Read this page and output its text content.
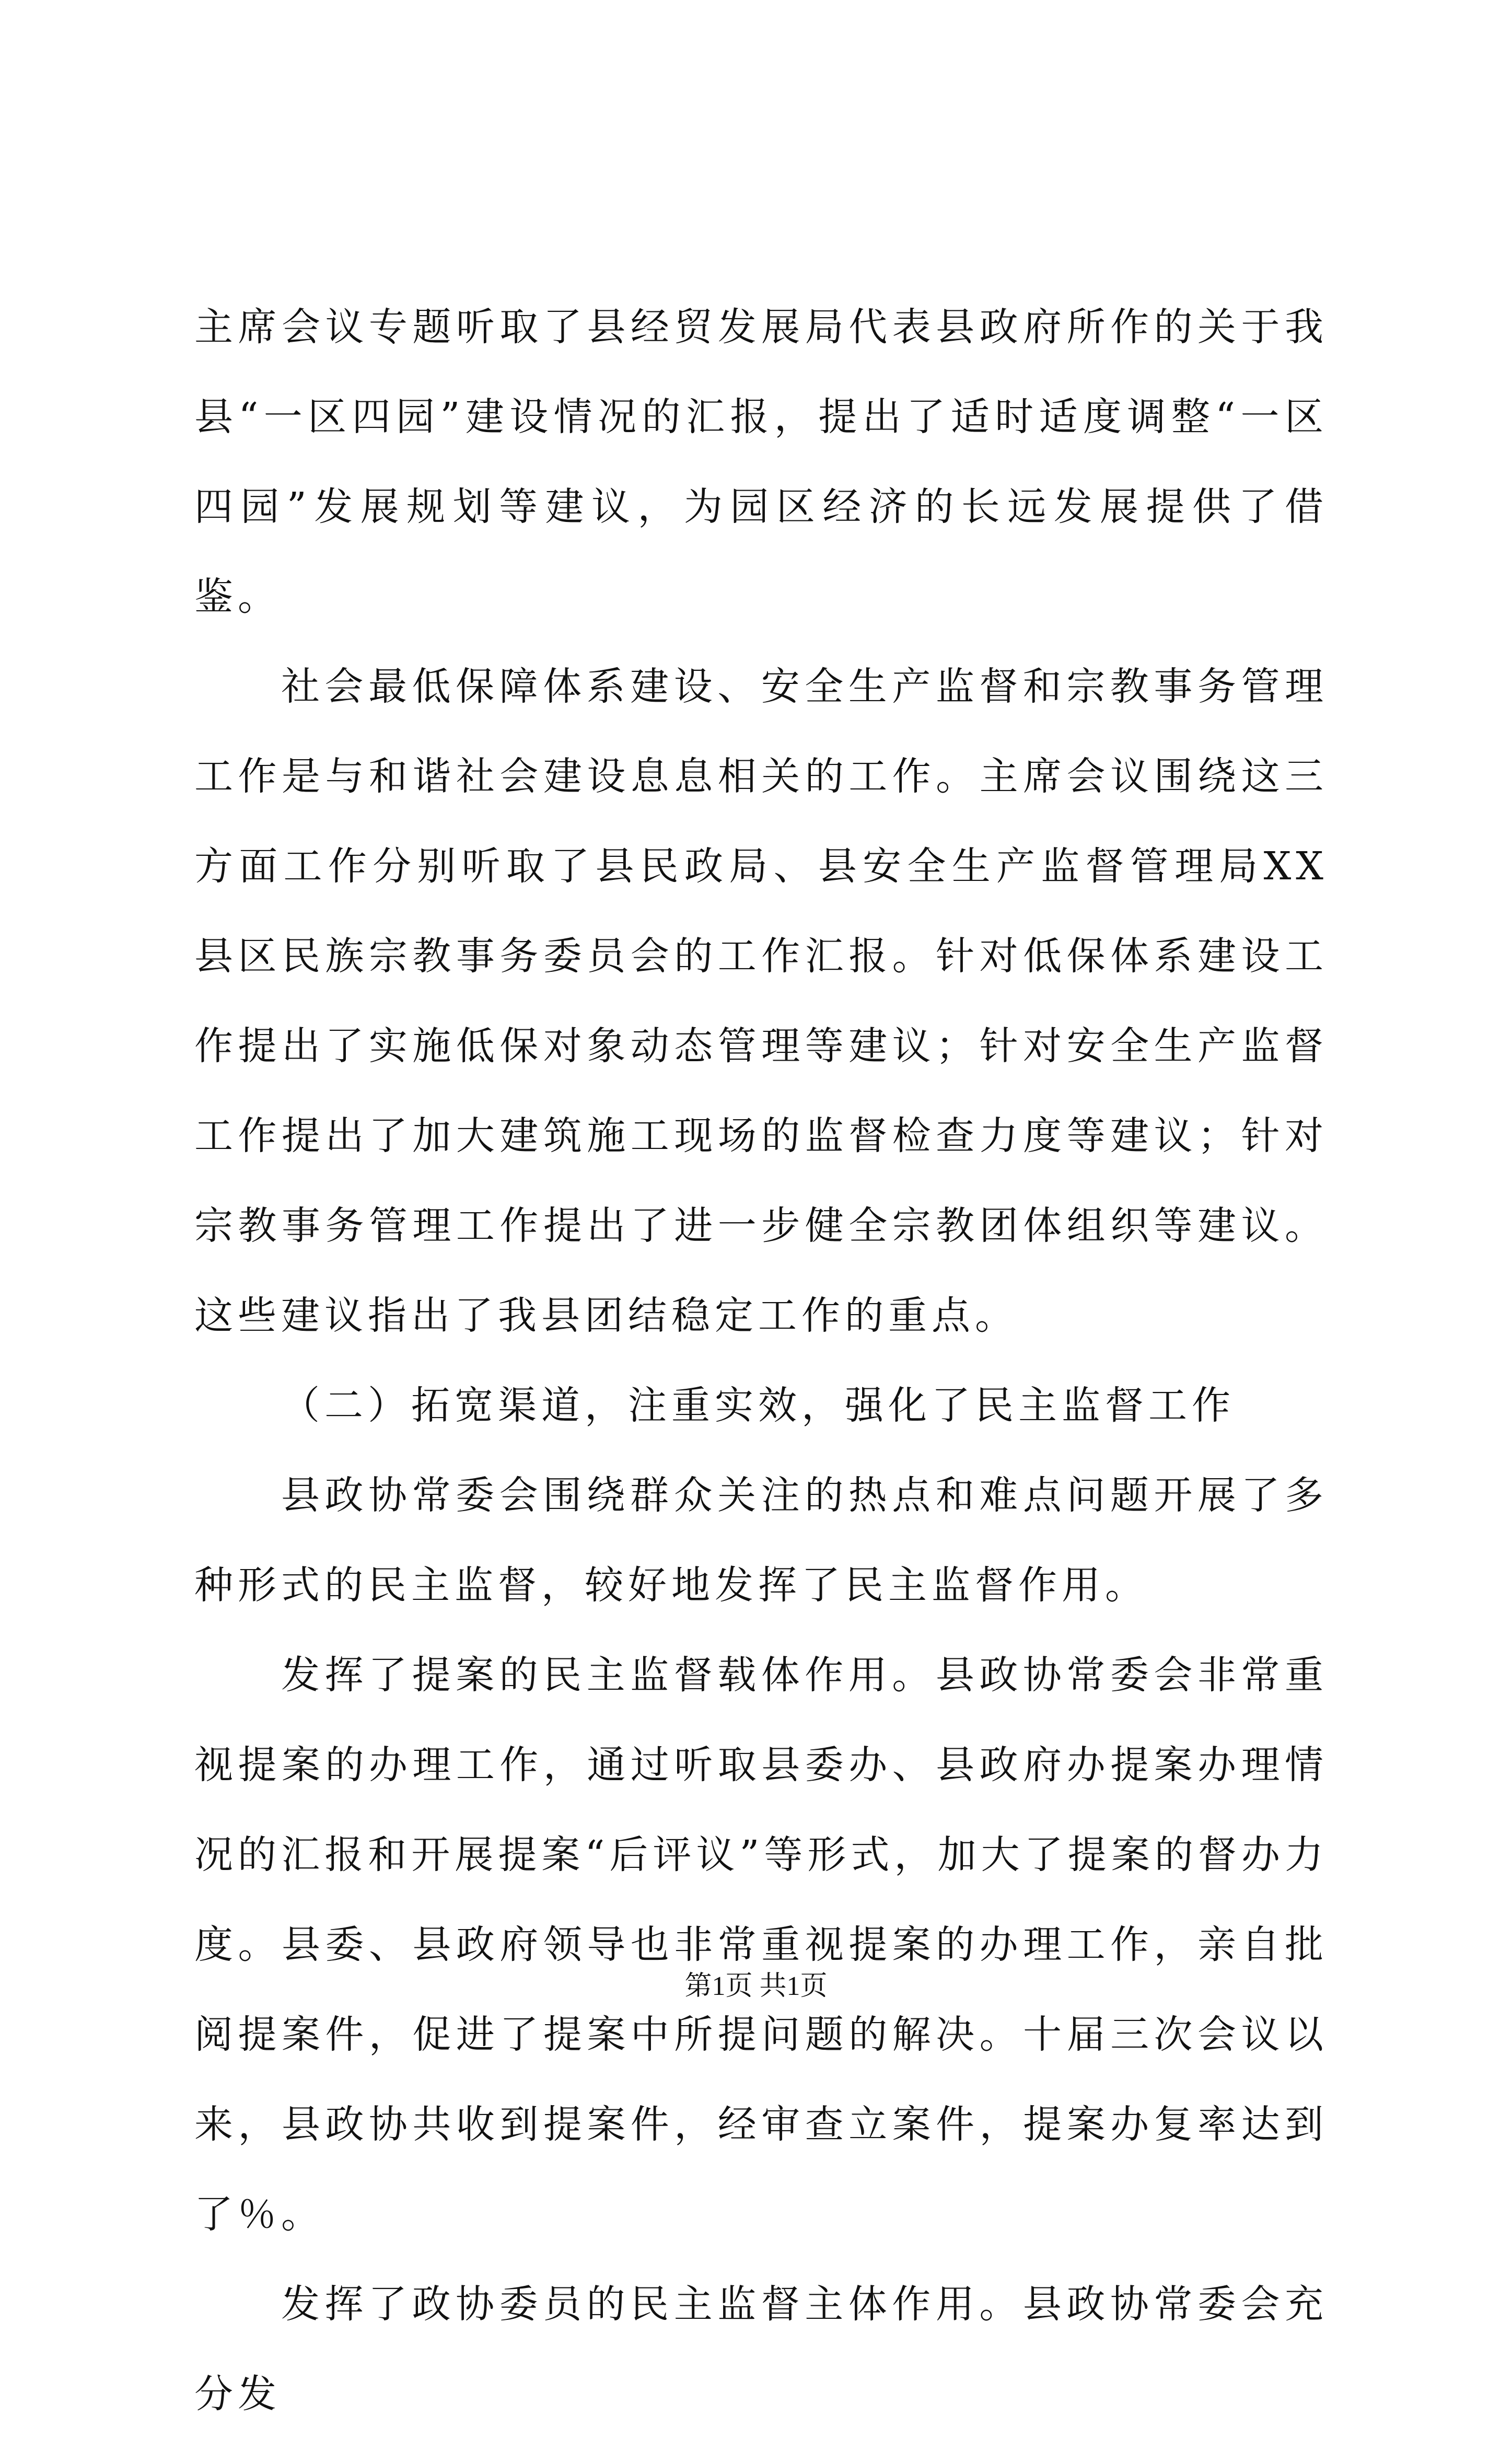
主席会议专题听取了县经贸发展局代表县政府所作的关于我县“一区四园”建设情况的汇报，提出了适时适度调整“一区四园”发展规划等建议，为园区经济的长远发展提供了借鉴。

社会最低保障体系建设、安全生产监督和宗教事务管理工作是与和谐社会建设息息相关的工作。主席会议围绕这三方面工作分别听取了县民政局、县安全生产监督管理局XX县区民族宗教事务委员会的工作汇报。针对低保体系建设工作提出了实施低保对象动态管理等建议；针对安全生产监督工作提出了加大建筑施工现场的监督检查力度等建议；针对宗教事务管理工作提出了进一步健全宗教团体组织等建议。这些建议指出了我县团结稳定工作的重点。

（二）拓宽渠道，注重实效，强化了民主监督工作

县政协常委会围绕群众关注的热点和难点问题开展了多种形式的民主监督，较好地发挥了民主监督作用。

发挥了提案的民主监督载体作用。县政协常委会非常重视提案的办理工作，通过听取县委办、县政府办提案办理情况的汇报和开展提案“后评议”等形式，加大了提案的督办力度。县委、县政府领导也非常重视提案的办理工作，亲自批阅提案件，促进了提案中所提问题的解决。十届三次会议以来，县政协共收到提案件，经审查立案件，提案办复率达到了％。

发挥了政协委员的民主监督主体作用。县政协常委会充分发

第1页 共1页
